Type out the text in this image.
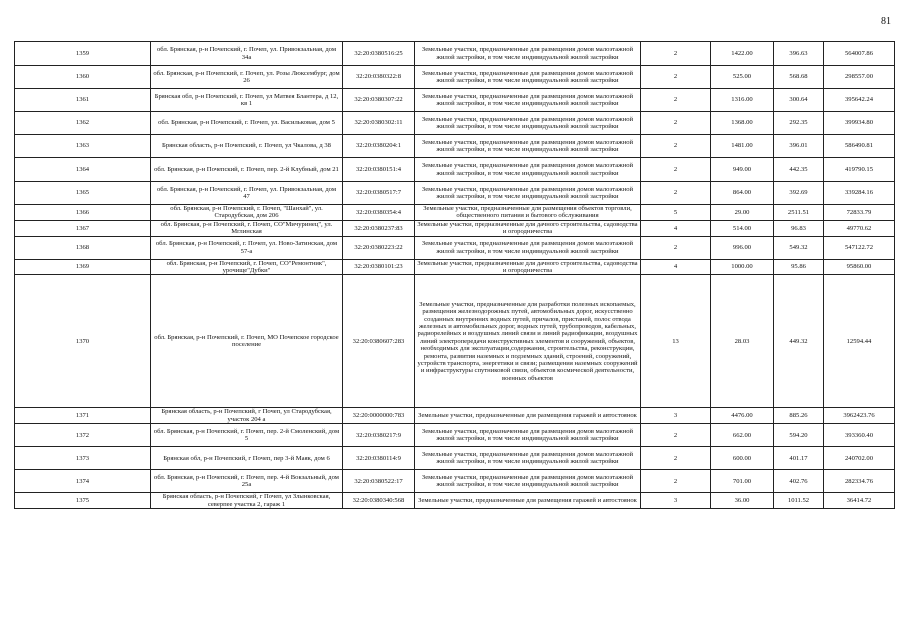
81
1359	обл. Брянская, р-н Почепский, г. Почеп, ул. Привокзальная, дом 34а	32:20:0380516:25	Земельные участки, предназначенные для размещения домов малоэтажной жилой застройки, в том числе индивидуальной жилой застройки	2	1422.00	396.63	564007.86
1360	обл. Брянская, р-н Почепский, г. Почеп, ул. Розы Люксембург, дом 26	32:20:0380322:8	Земельные участки, предназначенные для размещения домов малоэтажной жилой застройки, в том числе индивидуальной жилой застройки	2	525.00	568.68	298557.00
1361	Брянская обл, р-н Почепский, г. Почеп, ул Матвея Блантера, д 12, кв 1	32:20:0380307:22	Земельные участки, предназначенные для размещения домов малоэтажной жилой застройки, в том числе индивидуальной жилой застройки	2	1316.00	300.64	395642.24
1362	обл. Брянская, р-н Почепский, г. Почеп, ул. Васильковая, дом 5	32:20:0380302:11	Земельные участки, предназначенные для размещения домов малоэтажной жилой застройки, в том числе индивидуальной жилой застройки	2	1368.00	292.35	399934.80
1363	Брянская область, р-н Почепский, г. Почеп, ул Чкалова, д 38	32:20:0380204:1	Земельные участки, предназначенные для размещения домов малоэтажной жилой застройки, в том числе индивидуальной жилой застройки	2	1481.00	396.01	586490.81
1364	обл. Брянская, р-н Почепский, г. Почеп, пер. 2-й Клубный, дом 21	32:20:0380151:4	Земельные участки, предназначенные для размещения домов малоэтажной жилой застройки, в том числе индивидуальной жилой застройки	2	949.00	442.35	419790.15
1365	обл. Брянская, р-н Почепский, г. Почеп, ул. Привокзальная, дом 47	32:20:0380517:7	Земельные участки, предназначенные для размещения домов малоэтажной жилой застройки, в том числе индивидуальной жилой застройки	2	864.00	392.69	339284.16
1366	обл. Брянская, р-н Почепский, г. Почеп, "Шанхай", ул. Стародубская, дом 206	32:20:0380354:4	Земельные участки, предназначенные для размещения объектов торговли, общественного питания и бытового обслуживания	5	29.00	2511.51	72833.79
1367	обл. Брянская, р-н Почепский, г. Почеп, СО"Мичуринец", ул. Мглинская	32:20:0380237:83	Земельные участки, предназначенные для дачного строительства, садоводства и огородничества	4	514.00	96.83	49770.62
1368	обл. Брянская, р-н Почепский, г. Почеп, ул. Ново-Затинская, дом 57-а	32:20:0380223:22	Земельные участки, предназначенные для размещения домов малоэтажной жилой застройки, в том числе индивидуальной жилой застройки	2	996.00	549.32	547122.72
1369	обл. Брянская, р-н Почепский, г. Почеп, СО"Ремонтник", урочище"Дубки"	32:20:0380101:23	Земельные участки, предназначенные для дачного строительства, садоводства и огородничества	4	1000.00	95.86	95860.00
1370	обл. Брянская, р-н Почепский, г. Почеп, МО Почепское городское поселение	32:20:0380607:283	Земельные участки, предназначенные для разработки полезных ископаемых, размещения железнодорожных путей, автомобильных дорог, искусственно созданных внутренних водных путей, причалов, пристаней, полос отвода железных и автомобильных дорог, водных путей, трубопроводов, кабельных, радиорелейных и воздушных линий связи и линий радиофикации, воздушных линий электропередачи конструктивных элементов и сооружений, объектов, необходимых для эксплуатации,содержания, строительства, реконструкции, ремонта, развития наземных и подземных зданий, строений, сооружений, устройств транспорта, энергетики и связи; размещения наземных сооружений и инфраструктуры спутниковой связи, объектов космической деятельности, военных объектов	13	28.03	449.32	12594.44
1371	Брянская область, р-н Почепский, г Почеп, ул Стародубская, участок 204 а	32:20:0000000:783	Земельные участки, предназначенные для размещения гаражей и автостоянок	3	4476.00	885.26	3962423.76
1372	обл. Брянская, р-н Почепский, г. Почеп, пер. 2-й Смоленский, дом 5	32:20:0380217:9	Земельные участки, предназначенные для размещения домов малоэтажной жилой застройки, в том числе индивидуальной жилой застройки	2	662.00	594.20	393360.40
1373	Брянская обл, р-н Почепский, г Почеп, пер 3-й Маяк, дом 6	32:20:0380114:9	Земельные участки, предназначенные для размещения домов малоэтажной жилой застройки, в том числе индивидуальной жилой застройки	2	600.00	401.17	240702.00
1374	обл. Брянская, р-н Почепский, г. Почеп, пер. 4-й Вокзальный, дом 25а	32:20:0380522:17	Земельные участки, предназначенные для размещения домов малоэтажной жилой застройки, в том числе индивидуальной жилой застройки	2	701.00	402.76	282334.76
1375	Брянская область, р-н Почепский, г Почеп, ул Злынковская, северпее участка 2, гараж 1	32:20:0380340:568	Земельные участки, предназначенные для размещения гаражей и автостоянок	3	36.00	1011.52	36414.72
